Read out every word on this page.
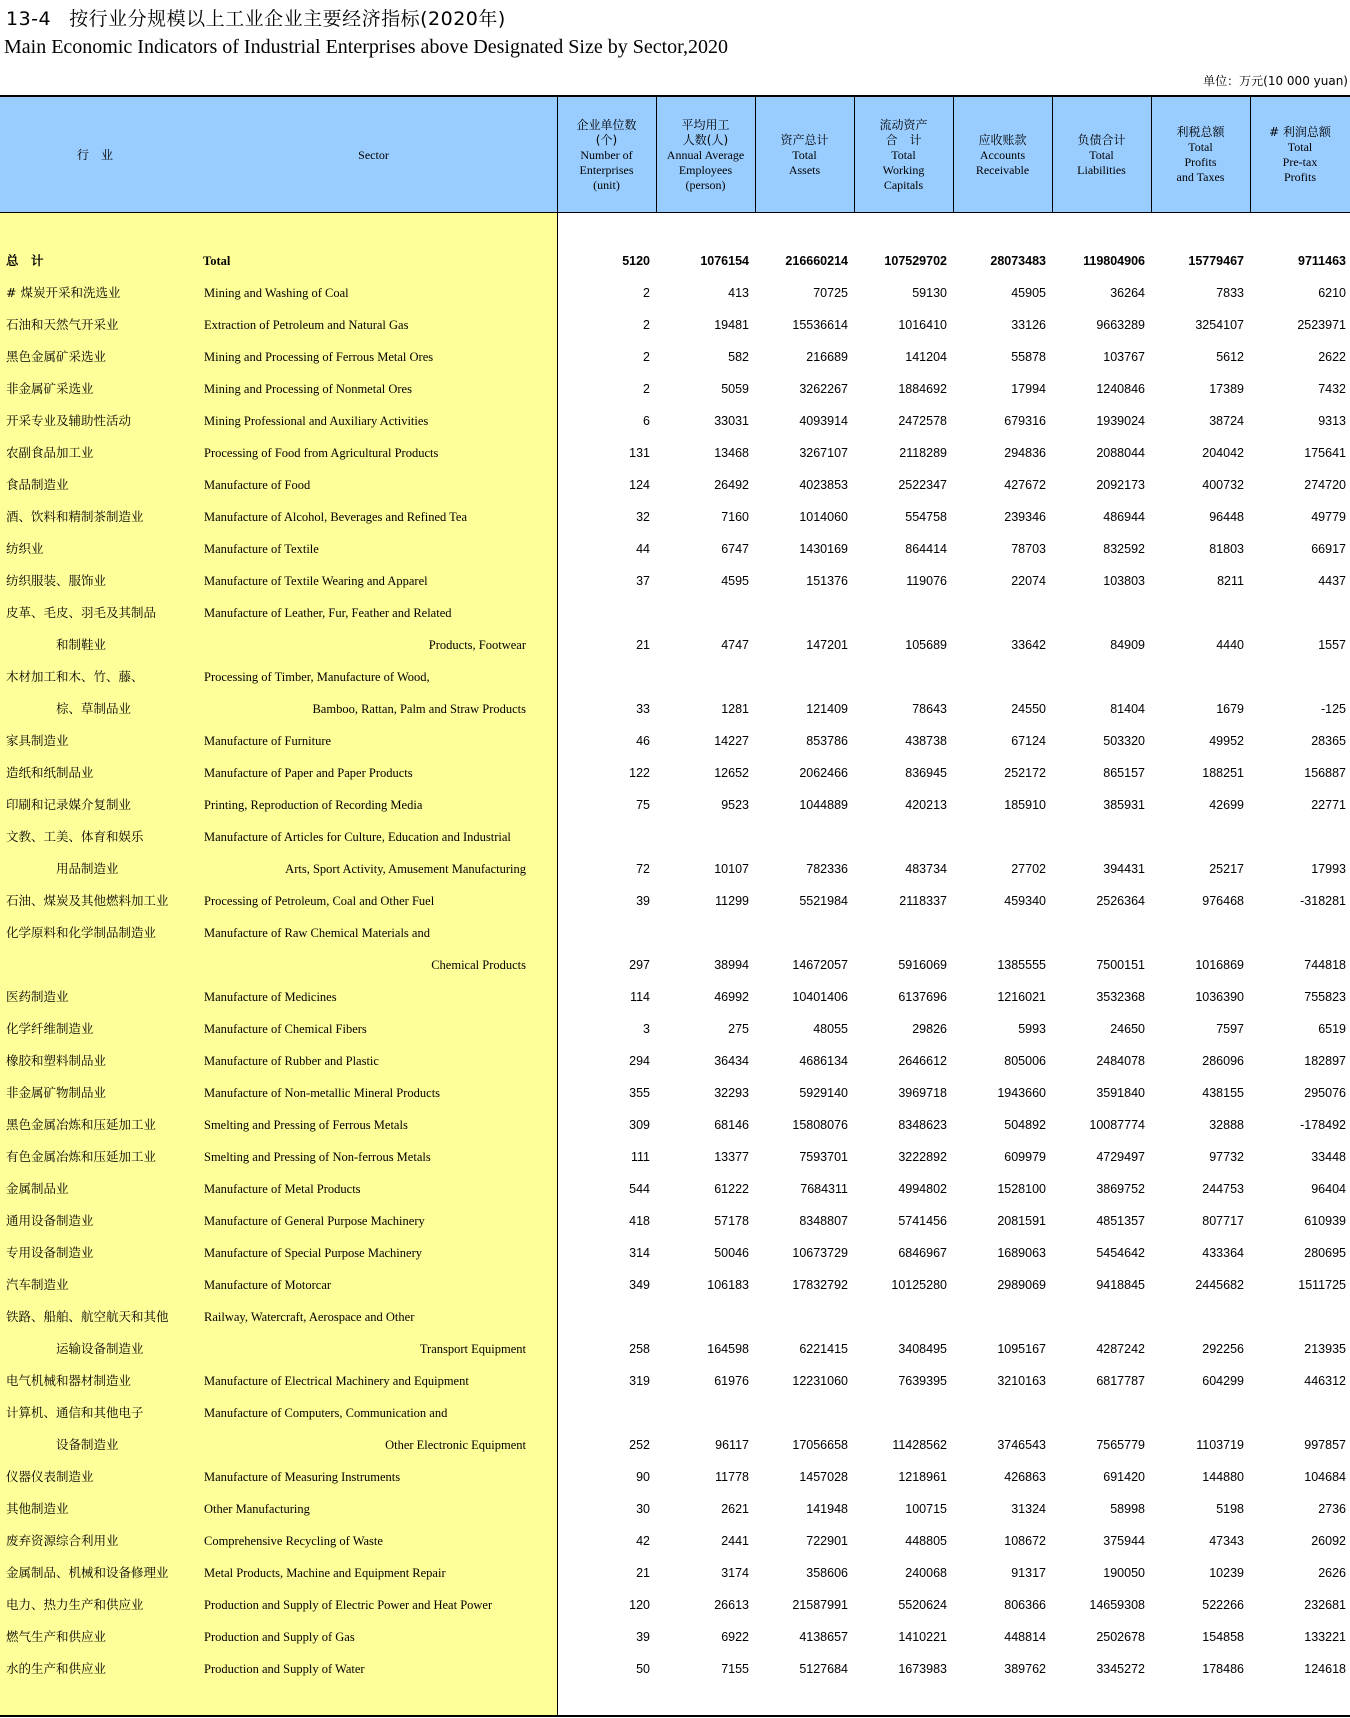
13-4 按行业分规模以上工业企业主要经济指标(2020年)
Main Economic Indicators of Industrial Enterprises above Designated Size by Sector,2020
单位：万元(10 000 yuan)
行　业	Sector
企业单位数
(个)
Number of
Enterprises
(unit)
平均用工
人数(人)
Annual Average
Employees
(person)
资产总计
Total
Assets
流动资产
合　计
Total
Working
Capitals
应收账款
Accounts
Receivable
负债合计
Total
Liabilities
利税总额
Total
Profits
and Taxes
# 利润总额
Total
Pre-tax
Profits
总　计	Total	5120	1076154	216660214	107529702	28073483	119804906	15779467	9711463
# 煤炭开采和洗选业	Mining and Washing of Coal	2	413	70725	59130	45905	36264	7833	6210
石油和天然气开采业	Extraction of Petroleum and Natural Gas	2	19481	15536614	1016410	33126	9663289	3254107	2523971
黑色金属矿采选业	Mining and Processing of Ferrous Metal Ores	2	582	216689	141204	55878	103767	5612	2622
非金属矿采选业	Mining and Processing of Nonmetal Ores	2	5059	3262267	1884692	17994	1240846	17389	7432
开采专业及辅助性活动	Mining Professional and Auxiliary Activities	6	33031	4093914	2472578	679316	1939024	38724	9313
农副食品加工业	Processing of Food from Agricultural Products	131	13468	3267107	2118289	294836	2088044	204042	175641
食品制造业	Manufacture of Food	124	26492	4023853	2522347	427672	2092173	400732	274720
酒、饮料和精制茶制造业	Manufacture of Alcohol, Beverages and Refined Tea	32	7160	1014060	554758	239346	486944	96448	49779
纺织业	Manufacture of Textile	44	6747	1430169	864414	78703	832592	81803	66917
纺织服装、服饰业	Manufacture of Textile Wearing and Apparel	37	4595	151376	119076	22074	103803	8211	4437
皮革、毛皮、羽毛及其制品	Manufacture of Leather, Fur, Feather and Related
和制鞋业	Products, Footwear	21	4747	147201	105689	33642	84909	4440	1557
木材加工和木、竹、藤、	Processing of Timber, Manufacture of Wood,
棕、草制品业	Bamboo, Rattan, Palm and Straw Products	33	1281	121409	78643	24550	81404	1679	-125
家具制造业	Manufacture of Furniture	46	14227	853786	438738	67124	503320	49952	28365
造纸和纸制品业	Manufacture of Paper and Paper Products	122	12652	2062466	836945	252172	865157	188251	156887
印刷和记录媒介复制业	Printing, Reproduction of Recording Media	75	9523	1044889	420213	185910	385931	42699	22771
文教、工美、体育和娱乐	Manufacture of Articles for Culture, Education and Industrial
用品制造业	Arts, Sport Activity, Amusement Manufacturing	72	10107	782336	483734	27702	394431	25217	17993
石油、煤炭及其他燃料加工业	Processing of Petroleum, Coal and Other Fuel	39	11299	5521984	2118337	459340	2526364	976468	-318281
化学原料和化学制品制造业	Manufacture of Raw Chemical Materials and
Chemical Products	297	38994	14672057	5916069	1385555	7500151	1016869	744818
医药制造业	Manufacture of Medicines	114	46992	10401406	6137696	1216021	3532368	1036390	755823
化学纤维制造业	Manufacture of Chemical Fibers	3	275	48055	29826	5993	24650	7597	6519
橡胶和塑料制品业	Manufacture of Rubber and Plastic	294	36434	4686134	2646612	805006	2484078	286096	182897
非金属矿物制品业	Manufacture of Non-metallic Mineral Products	355	32293	5929140	3969718	1943660	3591840	438155	295076
黑色金属冶炼和压延加工业	Smelting and Pressing of Ferrous Metals	309	68146	15808076	8348623	504892	10087774	32888	-178492
有色金属冶炼和压延加工业	Smelting and Pressing of Non-ferrous Metals	111	13377	7593701	3222892	609979	4729497	97732	33448
金属制品业	Manufacture of Metal Products	544	61222	7684311	4994802	1528100	3869752	244753	96404
通用设备制造业	Manufacture of General Purpose Machinery	418	57178	8348807	5741456	2081591	4851357	807717	610939
专用设备制造业	Manufacture of Special Purpose Machinery	314	50046	10673729	6846967	1689063	5454642	433364	280695
汽车制造业	Manufacture of Motorcar	349	106183	17832792	10125280	2989069	9418845	2445682	1511725
铁路、船舶、航空航天和其他	Railway, Watercraft, Aerospace and Other
运输设备制造业	Transport Equipment	258	164598	6221415	3408495	1095167	4287242	292256	213935
电气机械和器材制造业	Manufacture of Electrical Machinery and Equipment	319	61976	12231060	7639395	3210163	6817787	604299	446312
计算机、通信和其他电子	Manufacture of Computers, Communication and
设备制造业	Other Electronic Equipment	252	96117	17056658	11428562	3746543	7565779	1103719	997857
仪器仪表制造业	Manufacture of Measuring Instruments	90	11778	1457028	1218961	426863	691420	144880	104684
其他制造业	Other Manufacturing	30	2621	141948	100715	31324	58998	5198	2736
废弃资源综合利用业	Comprehensive Recycling of Waste	42	2441	722901	448805	108672	375944	47343	26092
金属制品、机械和设备修理业	Metal Products, Machine and Equipment Repair	21	3174	358606	240068	91317	190050	10239	2626
电力、热力生产和供应业	Production and Supply of Electric Power and Heat Power	120	26613	21587991	5520624	806366	14659308	522266	232681
燃气生产和供应业	Production and Supply of Gas	39	6922	4138657	1410221	448814	2502678	154858	133221
水的生产和供应业	Production and Supply of Water	50	7155	5127684	1673983	389762	3345272	178486	124618
